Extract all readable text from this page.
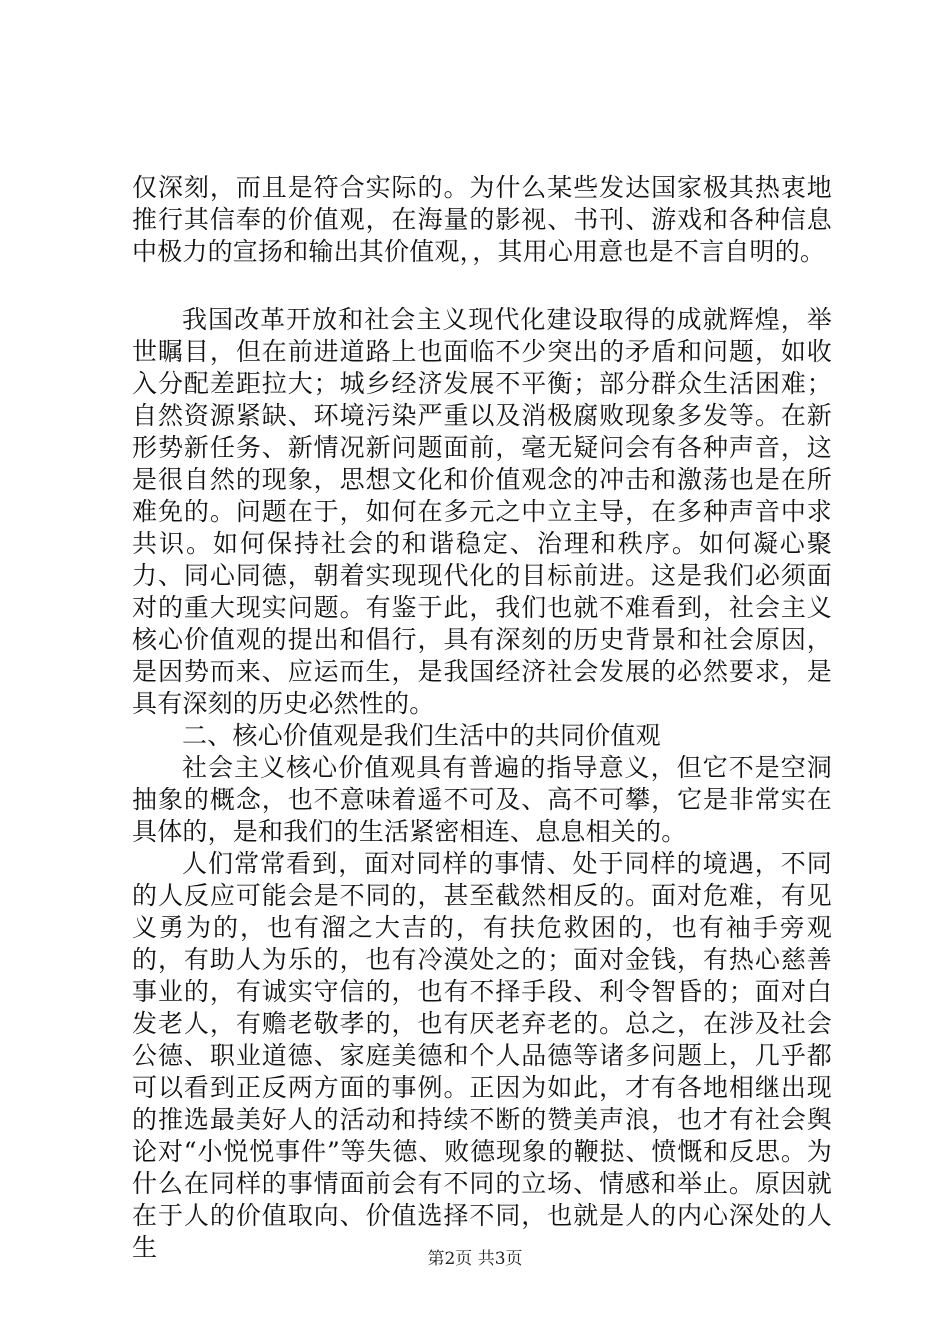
仅深刻，而且是符合实际的。为什么某些发达国家极其热衷地推行其信奉的价值观，在海量的影视、书刊、游戏和各种信息中极力的宣扬和输出其价值观，，其用心用意也是不言自明的。

我国改革开放和社会主义现代化建设取得的成就辉煌，举世瞩目，但在前进道路上也面临不少突出的矛盾和问题，如收入分配差距拉大；城乡经济发展不平衡；部分群众生活困难；自然资源紧缺、环境污染严重以及消极腐败现象多发等。在新形势新任务、新情况新问题面前，毫无疑问会有各种声音，这是很自然的现象，思想文化和价值观念的冲击和激荡也是在所难免的。问题在于，如何在多元之中立主导，在多种声音中求共识。如何保持社会的和谐稳定、治理和秩序。如何凝心聚力、同心同德，朝着实现现代化的目标前进。这是我们必须面对的重大现实问题。有鉴于此，我们也就不难看到，社会主义核心价值观的提出和倡行，具有深刻的历史背景和社会原因，是因势而来、应运而生，是我国经济社会发展的必然要求，是具有深刻的历史必然性的。

二、核心价值观是我们生活中的共同价值观

社会主义核心价值观具有普遍的指导意义，但它不是空洞抽象的概念，也不意味着遥不可及、高不可攀，它是非常实在具体的，是和我们的生活紧密相连、息息相关的。

人们常常看到，面对同样的事情、处于同样的境遇，不同的人反应可能会是不同的，甚至截然相反的。面对危难，有见义勇为的，也有溜之大吉的，有扶危救困的，也有袖手旁观的，有助人为乐的，也有冷漠处之的；面对金钱，有热心慈善事业的，有诚实守信的，也有不择手段、利令智昏的；面对白发老人，有赡老敬孝的，也有厌老弃老的。总之，在涉及社会公德、职业道德、家庭美德和个人品德等诸多问题上，几乎都可以看到正反两方面的事例。正因为如此，才有各地相继出现的推选最美好人的活动和持续不断的赞美声浪，也才有社会舆论对“小悦悦事件”等失德、败德现象的鞭挞、愤慨和反思。为什么在同样的事情面前会有不同的立场、情感和举止。原因就在于人的价值取向、价值选择不同，也就是人的内心深处的人生	第2页 共3页
